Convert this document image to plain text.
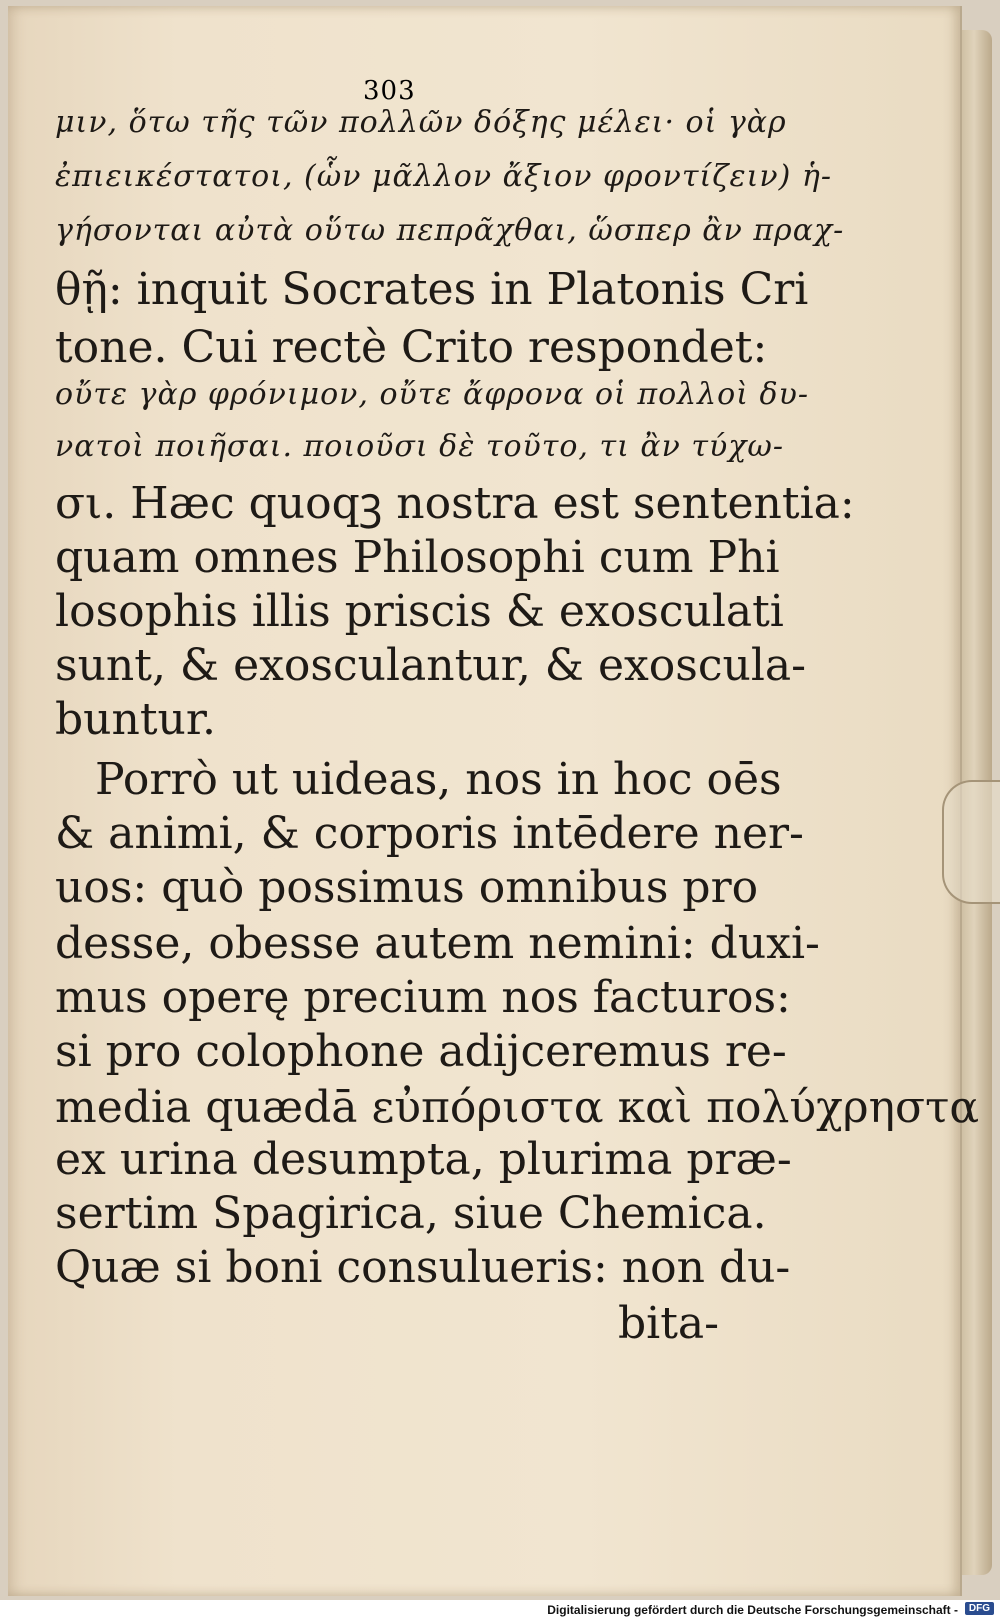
303
μιν, ὅτω τῆς τῶν πολλῶν δόξης μέλει· οἱ γὰρ
ἐπιεικέστατοι, (ὧν μᾶλλον ἄξιον φροντίζειν) ἡ-
γήσονται αὐτὰ οὕτω πεπρᾶχθαι, ὥσπερ ἂν πραχ-
θῇ: inquit Socrates in Platonis Cri
tone. Cui rectè Crito respondet:
οὔτε γὰρ φρόνιμον, οὔτε ἄφρονα οἱ πολλοὶ δυ-
νατοὶ ποιῆσαι. ποιοῦσι δὲ τοῦτο, τι ἂν τύχω-
σι. Hæc quoqꝫ nostra est sententia:
quam omnes Philosophi cum Phi
losophis illis priscis & exosculati
sunt, & exosculantur, & exoscula-
buntur.
Porrò ut uideas, nos in hoc oēs
& animi, & corporis intēdere ner-
uos: quò possimus omnibus pro
desse, obesse autem nemini: duxi-
mus operę precium nos facturos:
si pro colophone adijceremus re-
media quædā εὐπόριστα καὶ πολύχρηστα
ex urina desumpta, plurima præ-
sertim Spagirica, siue Chemica.
Quæ si boni consulueris: non du-
bita-
Digitalisierung gefördert durch die Deutsche Forschungsgemeinschaft -	DFG
